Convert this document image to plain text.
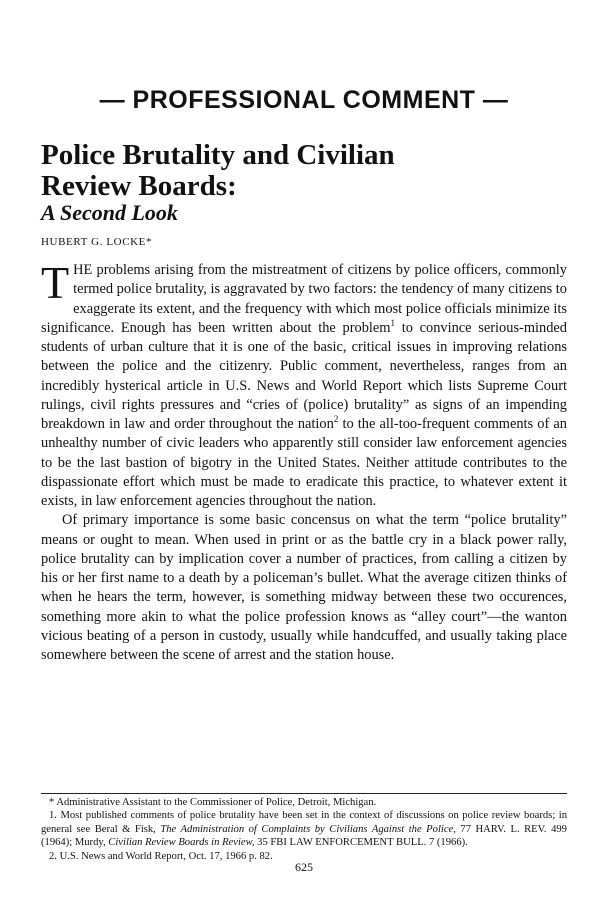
— PROFESSIONAL COMMENT —
Police Brutality and Civilian
Review Boards:
A Second Look
HUBERT G. LOCKE*

THE problems arising from the mistreatment of citizens by police officers, commonly termed police brutality, is aggravated by two factors: the tendency of many citizens to exaggerate its extent, and the frequency with which most police officials minimize its significance. Enough has been written about the problem$^1$ to convince serious-minded students of urban culture that it is one of the basic, critical issues in improving relations between the police and the citizenry. Public comment, nevertheless, ranges from an incredibly hysterical article in U.S. News and World Report which lists Supreme Court rulings, civil rights pressures and “cries of (police) brutality” as signs of an impending breakdown in law and order throughout the nation$^2$ to the all-too-frequent comments of an unhealthy number of civic leaders who apparently still consider law enforcement agencies to be the last bastion of bigotry in the United States. Neither attitude contributes to the dispassionate effort which must be made to eradicate this practice, to whatever extent it exists, in law enforcement agencies throughout the nation.

Of primary importance is some basic concensus on what the term “police brutality” means or ought to mean. When used in print or as the battle cry in a black power rally, police brutality can by implication cover a number of practices, from calling a citizen by his or her first name to a death by a policeman’s bullet. What the average citizen thinks of when he hears the term, however, is something midway between these two occurences, something more akin to what the police profession knows as “alley court”—the wanton vicious beating of a person in custody, usually while handcuffed, and usually taking place somewhere between the scene of arrest and the station house.

* Administrative Assistant to the Commissioner of Police, Detroit, Michigan.

1. Most published comments of police brutality have been set in the context of discussions on police review boards; in general see Beral & Fisk, The Administration of Complaints by Civilians Against the Police, 77 HARV. L. REV. 499 (1964); Murdy, Civilian Review Boards in Review, 35 FBI LAW ENFORCEMENT BULL. 7 (1966).

2. U.S. News and World Report, Oct. 17, 1966 p. 82.

625
